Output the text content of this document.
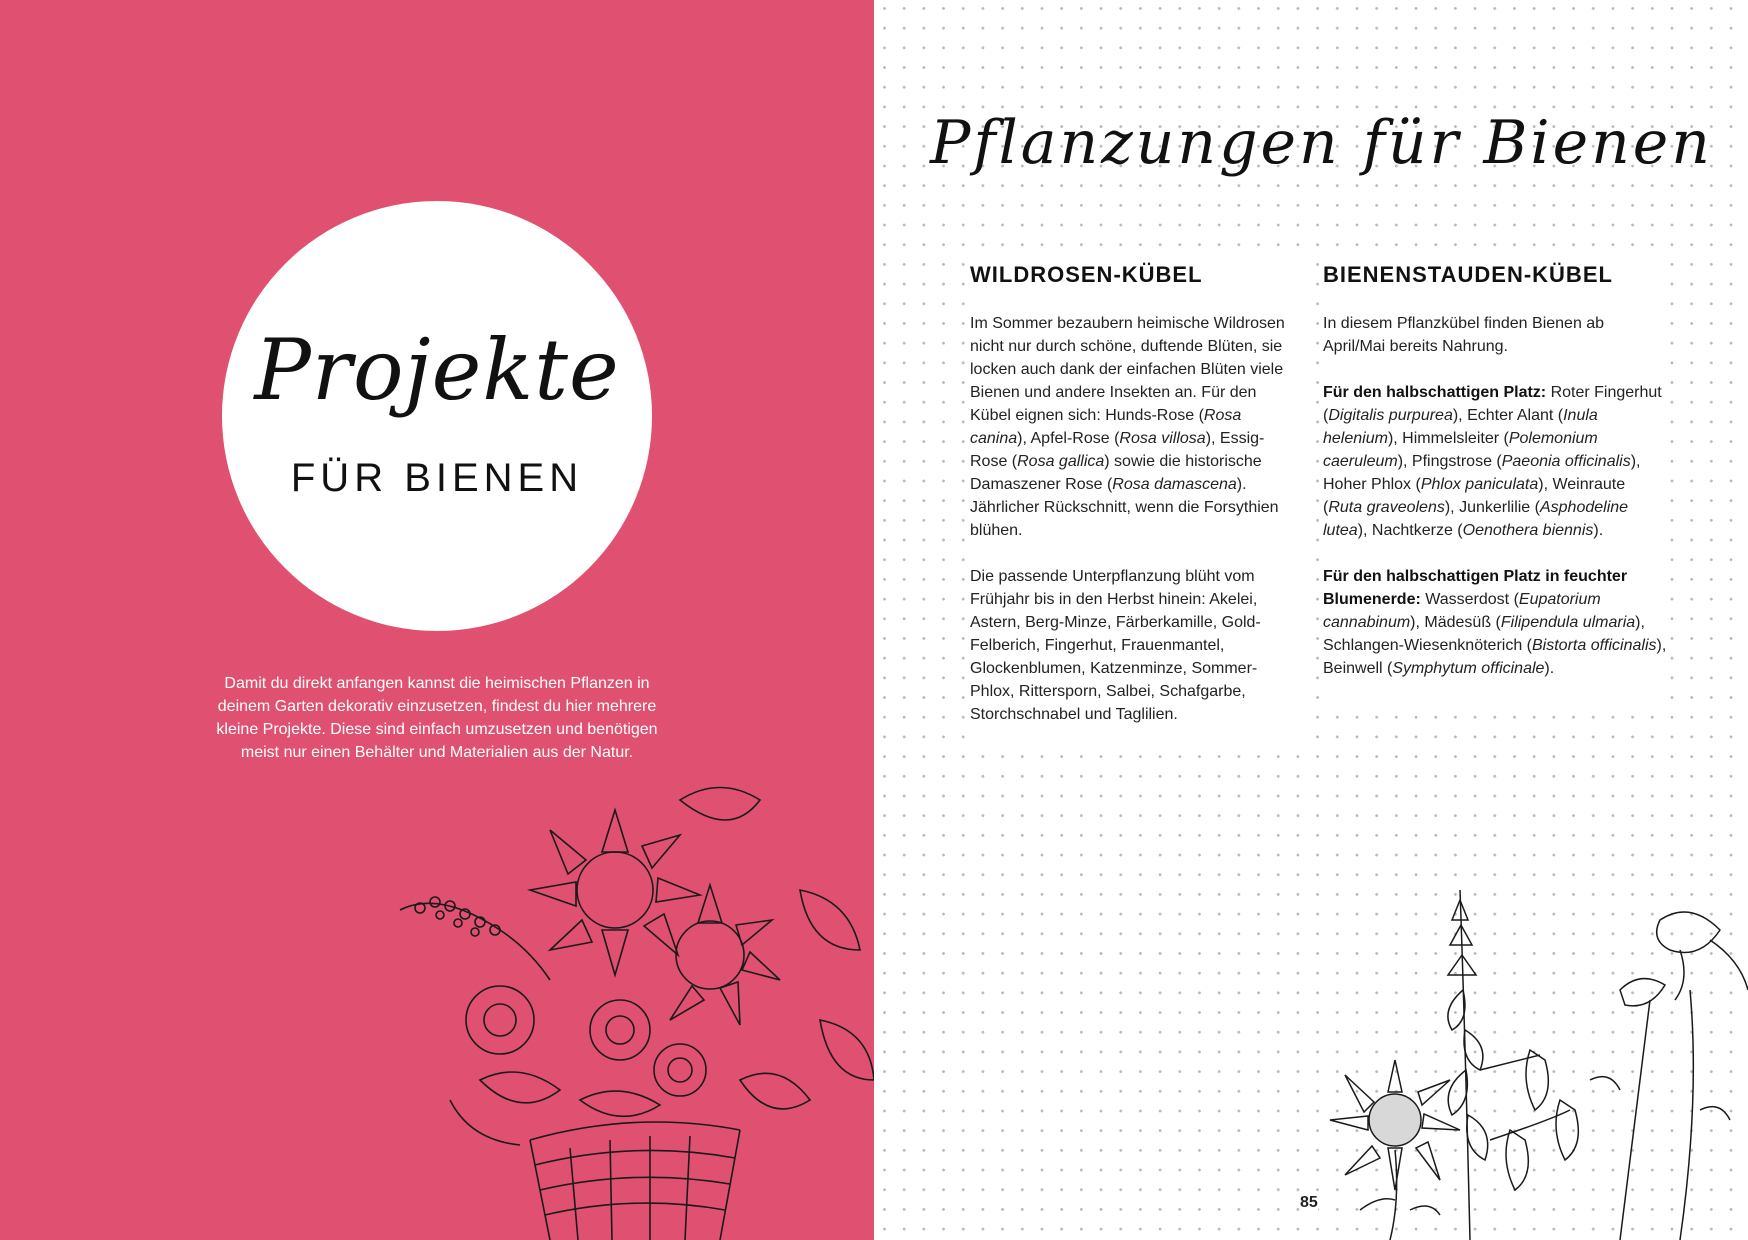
Projekte
FÜR BIENEN
Damit du direkt anfangen kannst die heimischen Pflanzen in deinem Garten dekorativ einzusetzen, findest du hier mehrere kleine Projekte. Diese sind einfach umzusetzen und benötigen meist nur einen Behälter und Materialien aus der Natur.
Pflanzungen für Bienen
WILDROSEN-KÜBEL

Im Sommer bezaubern heimische Wildrosen nicht nur durch schöne, duftende Blüten, sie locken auch dank der einfachen Blüten viele Bienen und andere Insekten an. Für den Kübel eignen sich: Hunds-Rose (Rosa canina), Apfel-Rose (Rosa villosa), Essig-Rose (Rosa gallica) sowie die historische Damaszener Rose (Rosa damascena). Jährlicher Rückschnitt, wenn die Forsythien blühen.

Die passende Unterpflanzung blüht vom Frühjahr bis in den Herbst hinein: Akelei, Astern, Berg-Minze, Färberkamille, Gold-Felberich, Fingerhut, Frauenmantel, Glockenblumen, Katzenminze, Sommer-Phlox, Rittersporn, Salbei, Schafgarbe, Storchschnabel und Taglilien.

BIENENSTAUDEN-KÜBEL

In diesem Pflanzkübel finden Bienen ab April/Mai bereits Nahrung.

Für den halbschattigen Platz: Roter Fingerhut (Digitalis purpurea), Echter Alant (Inula helenium), Himmelsleiter (Polemonium caeruleum), Pfingstrose (Paeonia officinalis), Hoher Phlox (Phlox paniculata), Weinraute (Ruta graveolens), Junkerlilie (Asphodeline lutea), Nachtkerze (Oenothera biennis).

Für den halbschattigen Platz in feuchter Blumenerde: Wasserdost (Eupatorium cannabinum), Mädesüß (Filipendula ulmaria), Schlangen-Wiesenknöterich (Bistorta officinalis), Beinwell (Symphytum officinale).

85
